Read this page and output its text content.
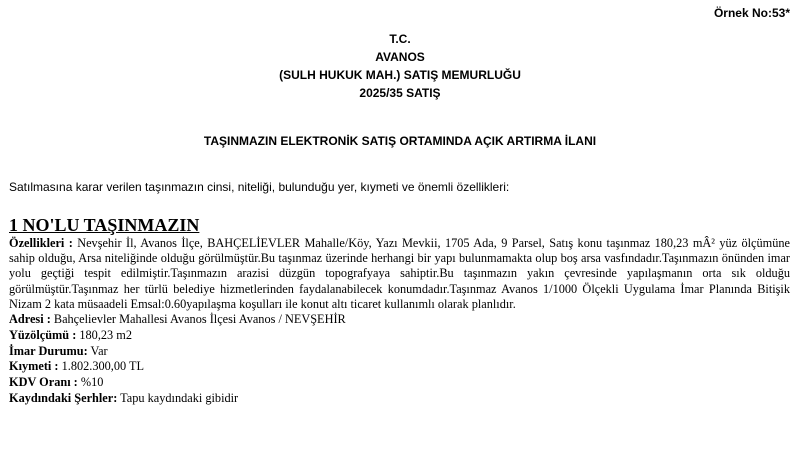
Örnek No:53*
T.C.
AVANOS
(SULH HUKUK MAH.) SATIŞ MEMURLUĞU
2025/35 SATIŞ
TAŞINMAZIN ELEKTRONİK SATIŞ ORTAMINDA AÇIK ARTIRMA İLANI
Satılmasına karar verilen taşınmazın cinsi, niteliği, bulunduğu yer, kıymeti ve önemli özellikleri:
1 NO'LU TAŞINMAZIN

Özellikleri : Nevşehir İl, Avanos İlçe, BAHÇELİEVLER Mahalle/Köy, Yazı Mevkii, 1705 Ada, 9 Parsel, Satış konu taşınmaz 180,23 mÂ² yüz ölçümüne sahip olduğu, Arsa niteliğinde olduğu görülmüştür.Bu taşınmaz üzerinde herhangi bir yapı bulunmamakta olup boş arsa vasfındadır.Taşınmazın önünden imar yolu geçtiği tespit edilmiştir.Taşınmazın arazisi düzgün topografyaya sahiptir.Bu taşınmazın yakın çevresinde yapılaşmanın orta sık olduğu görülmüştür.Taşınmaz her türlü belediye hizmetlerinden faydalanabilecek konumdadır.Taşınmaz Avanos 1/1000 Ölçekli Uygulama İmar Planında Bitişik Nizam 2 kata müsaadeli Emsal:0.60yapılaşma koşulları ile konut altı ticaret kullanımlı olarak planlıdır.

Adresi : Bahçelievler Mahallesi Avanos İlçesi Avanos / NEVŞEHİR

Yüzölçümü : 180,23 m2

İmar Durumu: Var

Kıymeti : 1.802.300,00 TL

KDV Oranı : %10

Kaydındaki Şerhler: Tapu kaydındaki gibidir
